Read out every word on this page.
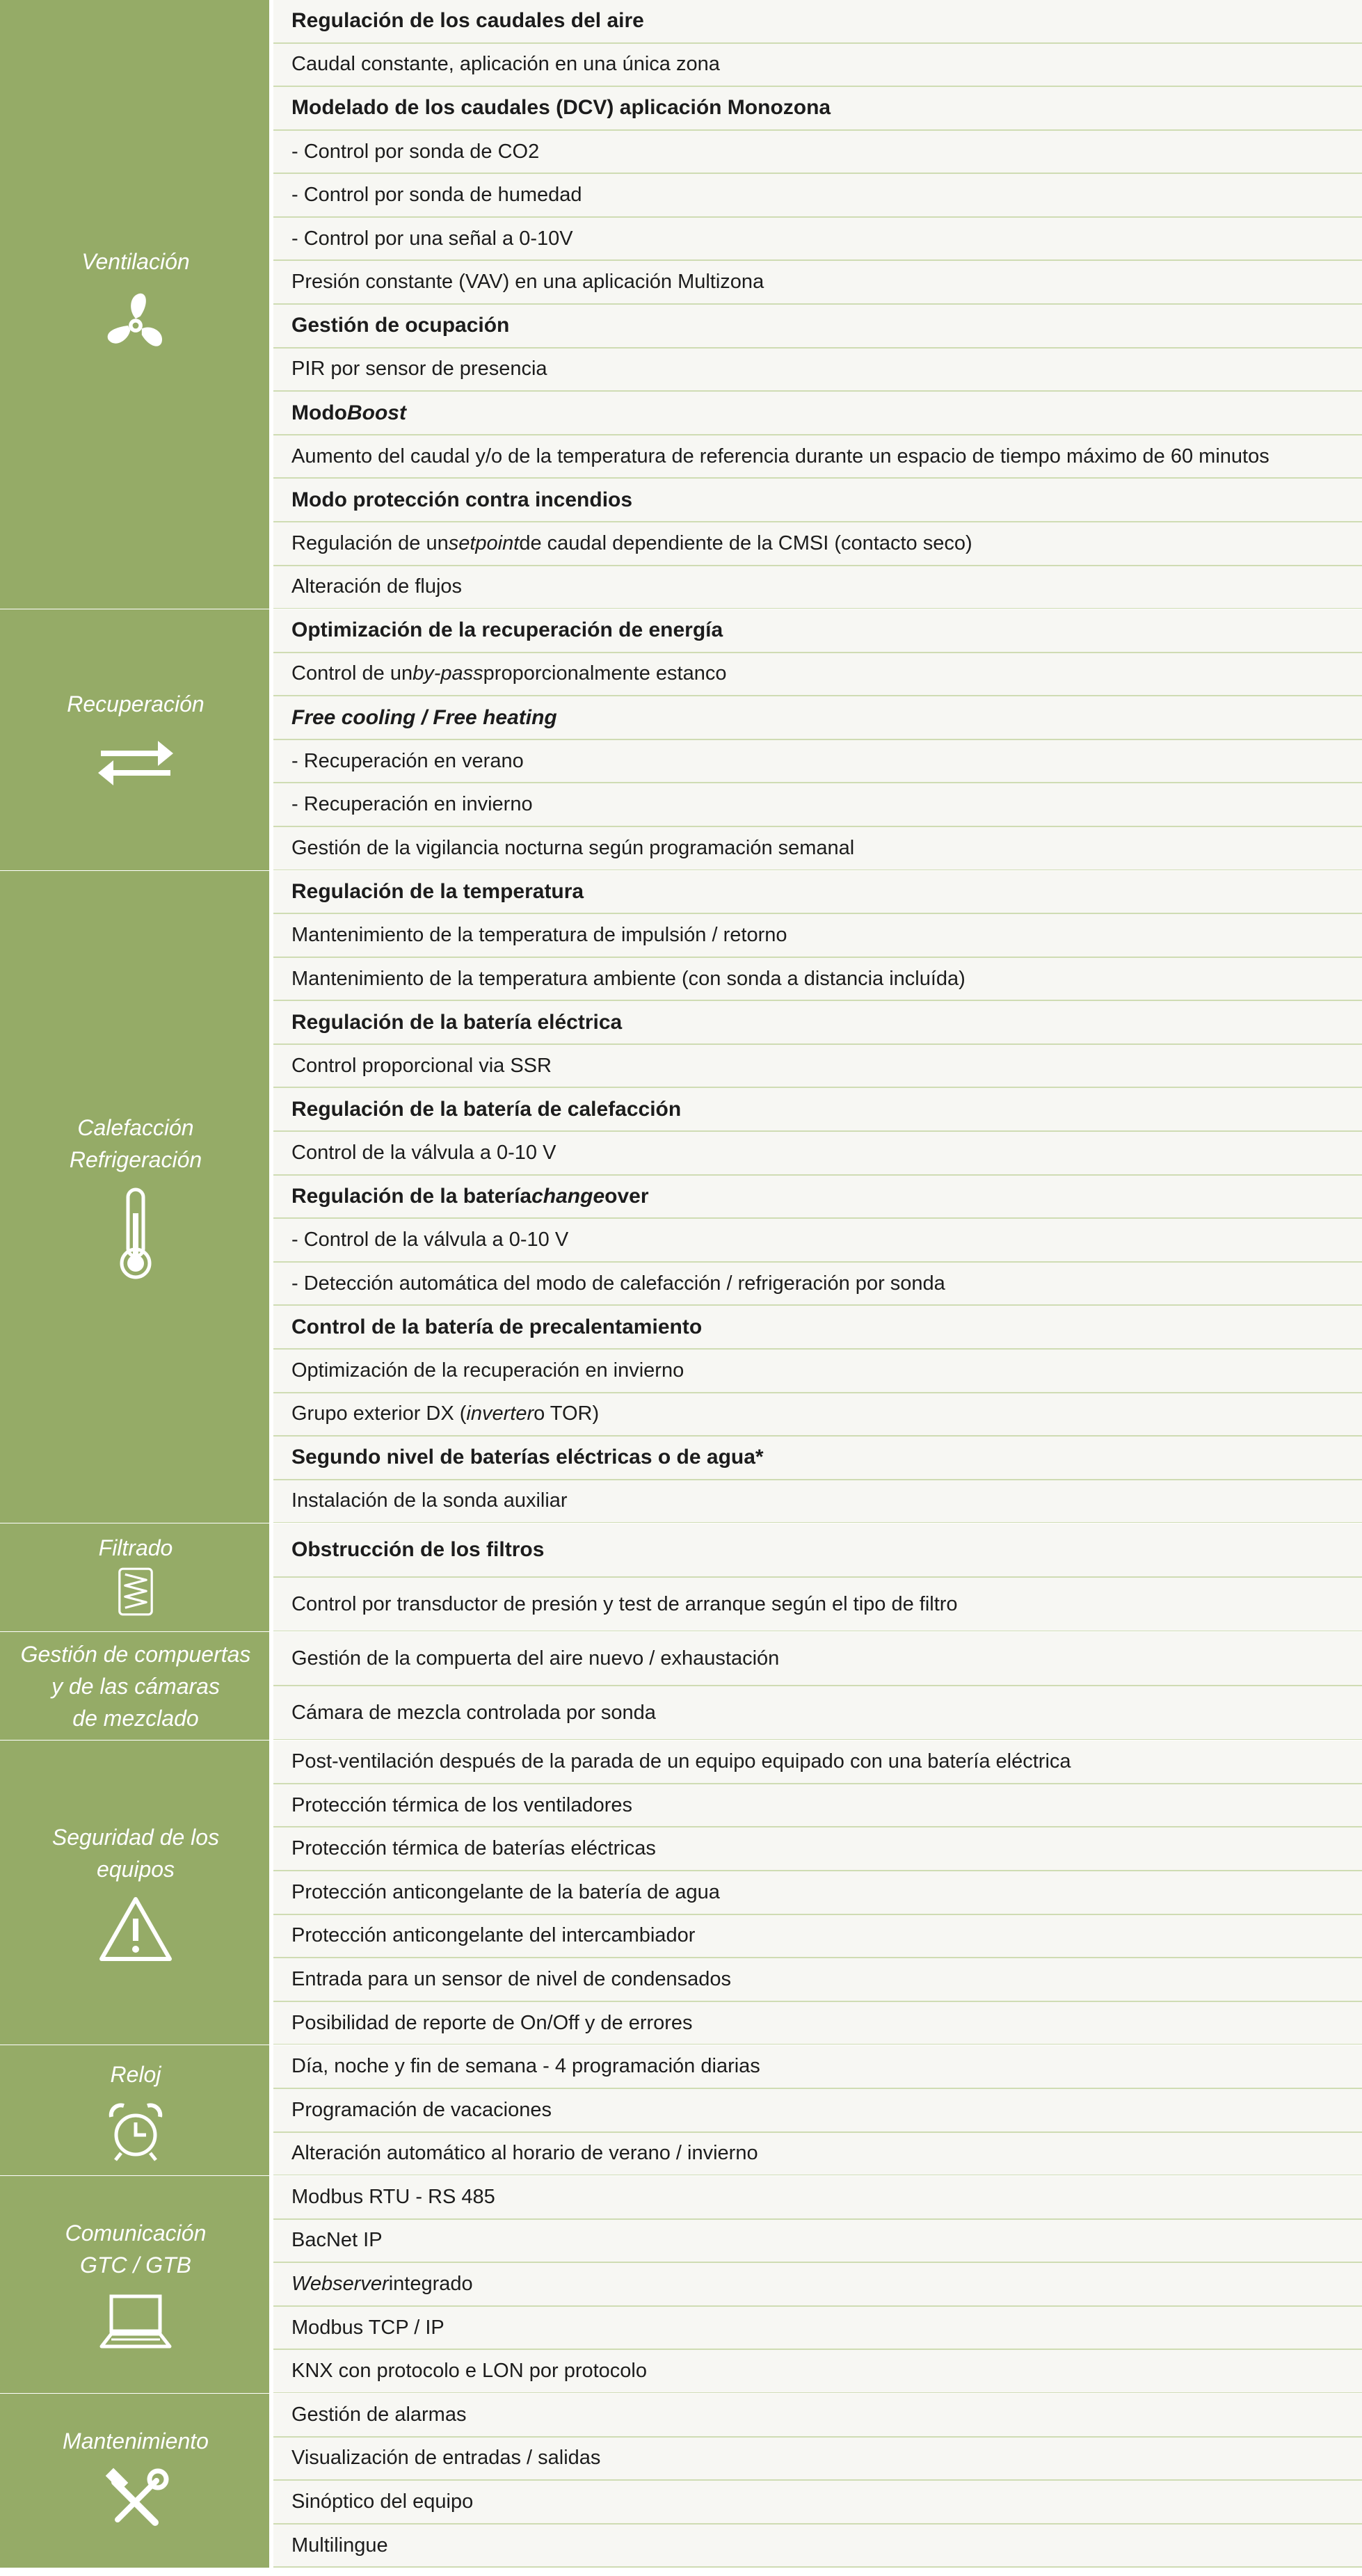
Ventilación
Regulación de los caudales del aire
Caudal constante, aplicación en una única zona
Modelado de los caudales (DCV) aplicación Monozona
- Control por sonda de CO2
- Control por sonda de humedad
- Control por una señal a 0-10V
Presión constante (VAV) en una aplicación Multizona
Gestión de ocupación
PIR por sensor de presencia
Modo Boost
Aumento del caudal y/o de la temperatura de referencia durante un espacio de tiempo máximo de 60 minutos
Modo protección contra incendios
Regulación de un setpoint de caudal dependiente de la CMSI (contacto seco)
Alteración de flujos
Recuperación
Optimización de la recuperación de energía
Control de un by-pass proporcionalmente estanco
Free cooling / Free heating
- Recuperación en verano
- Recuperación en invierno
Gestión de la vigilancia nocturna según programación semanal
Calefacción
Refrigeración
Regulación de la temperatura
Mantenimiento de la temperatura de impulsión / retorno
Mantenimiento de la temperatura ambiente (con sonda a distancia incluída)
Regulación de la batería eléctrica
Control proporcional via SSR
Regulación de la batería de calefacción
Control de la válvula a 0-10 V
Regulación de la batería change over
- Control de la válvula a 0-10 V
- Detección automática del modo de calefacción / refrigeración por sonda
Control de la batería de precalentamiento
Optimización de la recuperación en invierno
Grupo exterior DX ( inverter o TOR)
Segundo nivel de baterías eléctricas o de agua*
Instalación de la sonda auxiliar
Filtrado	Obstrucción de los filtros
Control por transductor de presión y test de arranque según el tipo de filtro
Gestión de compuertas
y de las cámaras
de mezclado
Gestión de la compuerta del aire nuevo / exhaustación
Cámara de mezcla controlada por sonda
Seguridad de los
equipos
Post-ventilación después de la parada de un equipo equipado con una batería eléctrica
Protección térmica de los ventiladores
Protección térmica de baterías eléctricas
Protección anticongelante de la batería de agua
Protección anticongelante del intercambiador
Entrada para un sensor de nivel de condensados
Posibilidad de reporte de On/Off y de errores
Reloj	Día, noche y fin de semana - 4 programación diarias
Programación de vacaciones
Alteración automático al horario de verano / invierno
Comunicación
GTC / GTB
Modbus RTU - RS 485
BacNet IP
Webserver integrado
Modbus TCP / IP
KNX con protocolo e LON por protocolo
Mantenimiento
Gestión de alarmas
Visualización de entradas / salidas
Sinóptico del equipo
Multilingue
